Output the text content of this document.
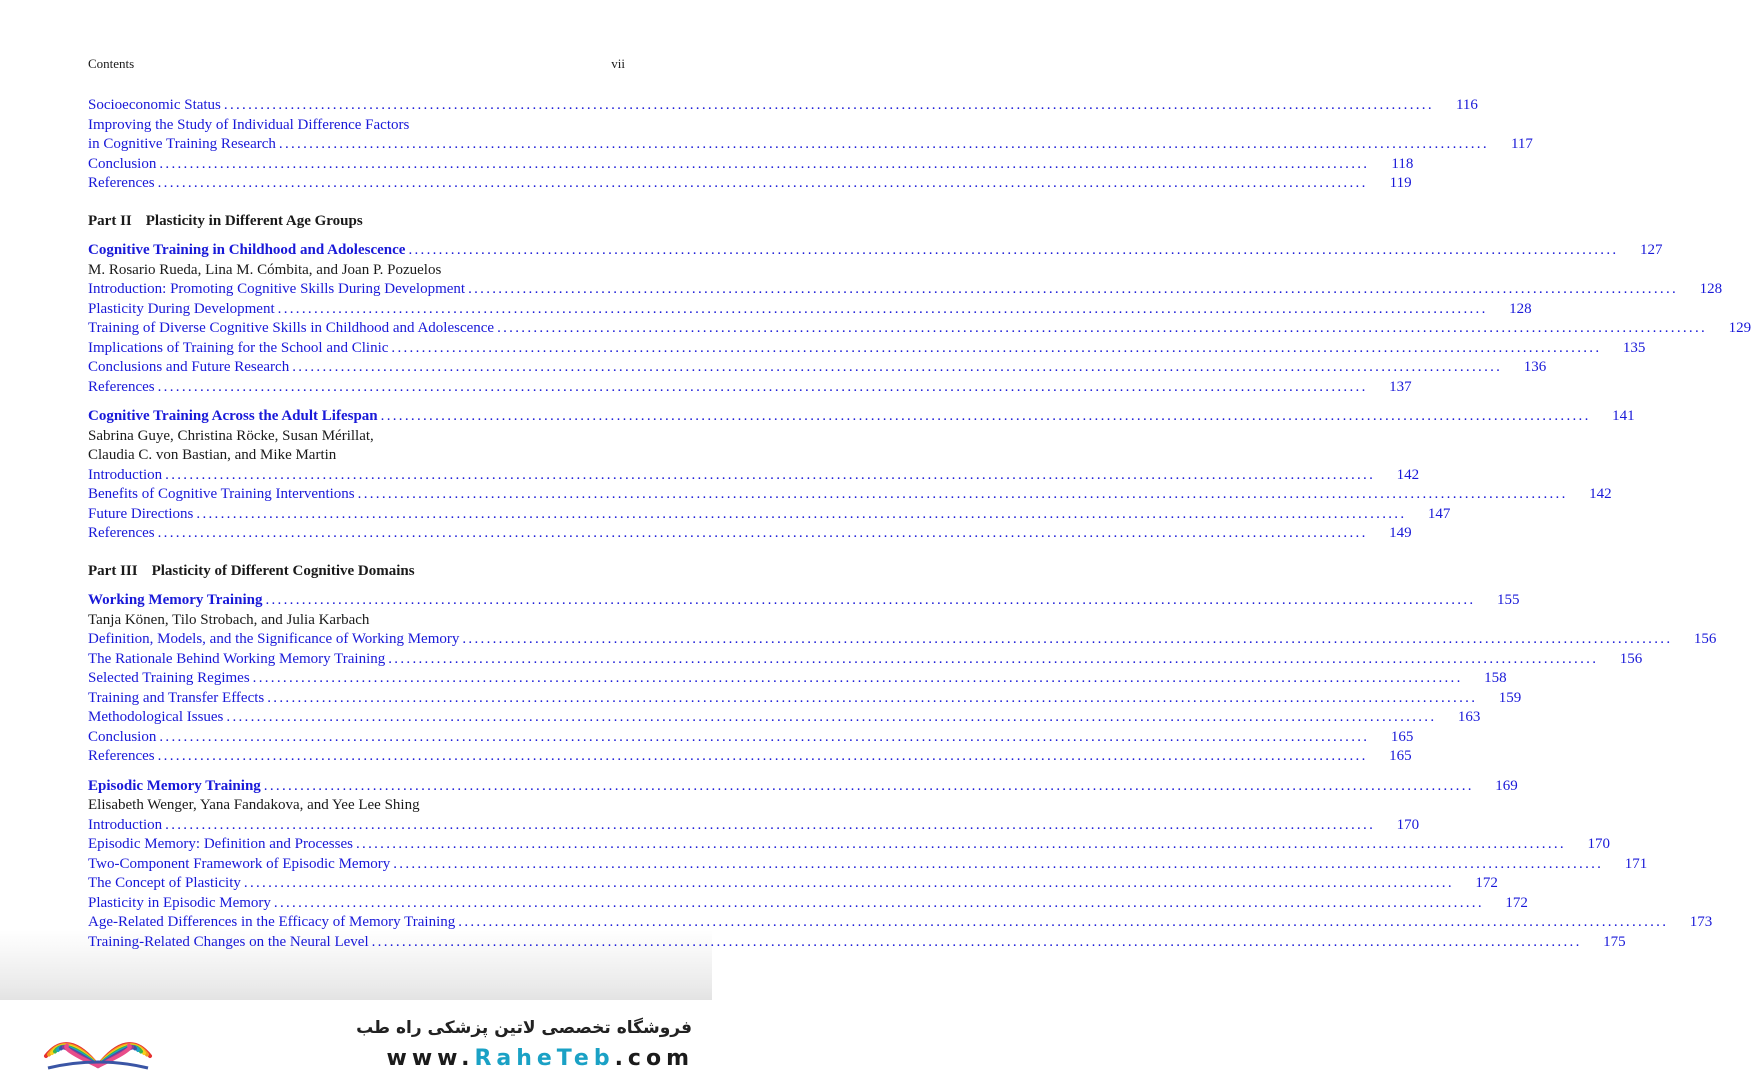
Contents	vii
Socioeconomic Status ........................................................................................................................................................................................................	116
Improving the Study of Individual Difference Factors
in Cognitive Training Research ........................................................................................................................................................................................................	117
Conclusion ........................................................................................................................................................................................................	118
References ........................................................................................................................................................................................................	119
Part II Plasticity in Different Age Groups
Cognitive Training in Childhood and Adolescence ........................................................................................................................................................................................................	127
M. Rosario Rueda, Lina M. Cómbita, and Joan P. Pozuelos
Introduction: Promoting Cognitive Skills During Development ........................................................................................................................................................................................................	128
Plasticity During Development ........................................................................................................................................................................................................	128
Training of Diverse Cognitive Skills in Childhood and Adolescence ........................................................................................................................................................................................................	129
Implications of Training for the School and Clinic ........................................................................................................................................................................................................	135
Conclusions and Future Research ........................................................................................................................................................................................................	136
References ........................................................................................................................................................................................................	137
Cognitive Training Across the Adult Lifespan ........................................................................................................................................................................................................	141
Sabrina Guye, Christina Röcke, Susan Mérillat,
Claudia C. von Bastian, and Mike Martin
Introduction ........................................................................................................................................................................................................	142
Benefits of Cognitive Training Interventions ........................................................................................................................................................................................................	142
Future Directions ........................................................................................................................................................................................................	147
References ........................................................................................................................................................................................................	149
Part III Plasticity of Different Cognitive Domains
Working Memory Training ........................................................................................................................................................................................................	155
Tanja Könen, Tilo Strobach, and Julia Karbach
Definition, Models, and the Significance of Working Memory ........................................................................................................................................................................................................	156
The Rationale Behind Working Memory Training ........................................................................................................................................................................................................	156
Selected Training Regimes ........................................................................................................................................................................................................	158
Training and Transfer Effects ........................................................................................................................................................................................................	159
Methodological Issues ........................................................................................................................................................................................................	163
Conclusion ........................................................................................................................................................................................................	165
References ........................................................................................................................................................................................................	165
Episodic Memory Training ........................................................................................................................................................................................................	169
Elisabeth Wenger, Yana Fandakova, and Yee Lee Shing
Introduction ........................................................................................................................................................................................................	170
Episodic Memory: Definition and Processes ........................................................................................................................................................................................................	170
Two-Component Framework of Episodic Memory ........................................................................................................................................................................................................	171
The Concept of Plasticity ........................................................................................................................................................................................................	172
Plasticity in Episodic Memory ........................................................................................................................................................................................................	172
Age-Related Differences in the Efficacy of Memory Training ........................................................................................................................................................................................................	173
Training-Related Changes on the Neural Level ........................................................................................................................................................................................................	175
فروشگاه تخصصی لاتین پزشکی راه طب
www.RaheTeb.com
